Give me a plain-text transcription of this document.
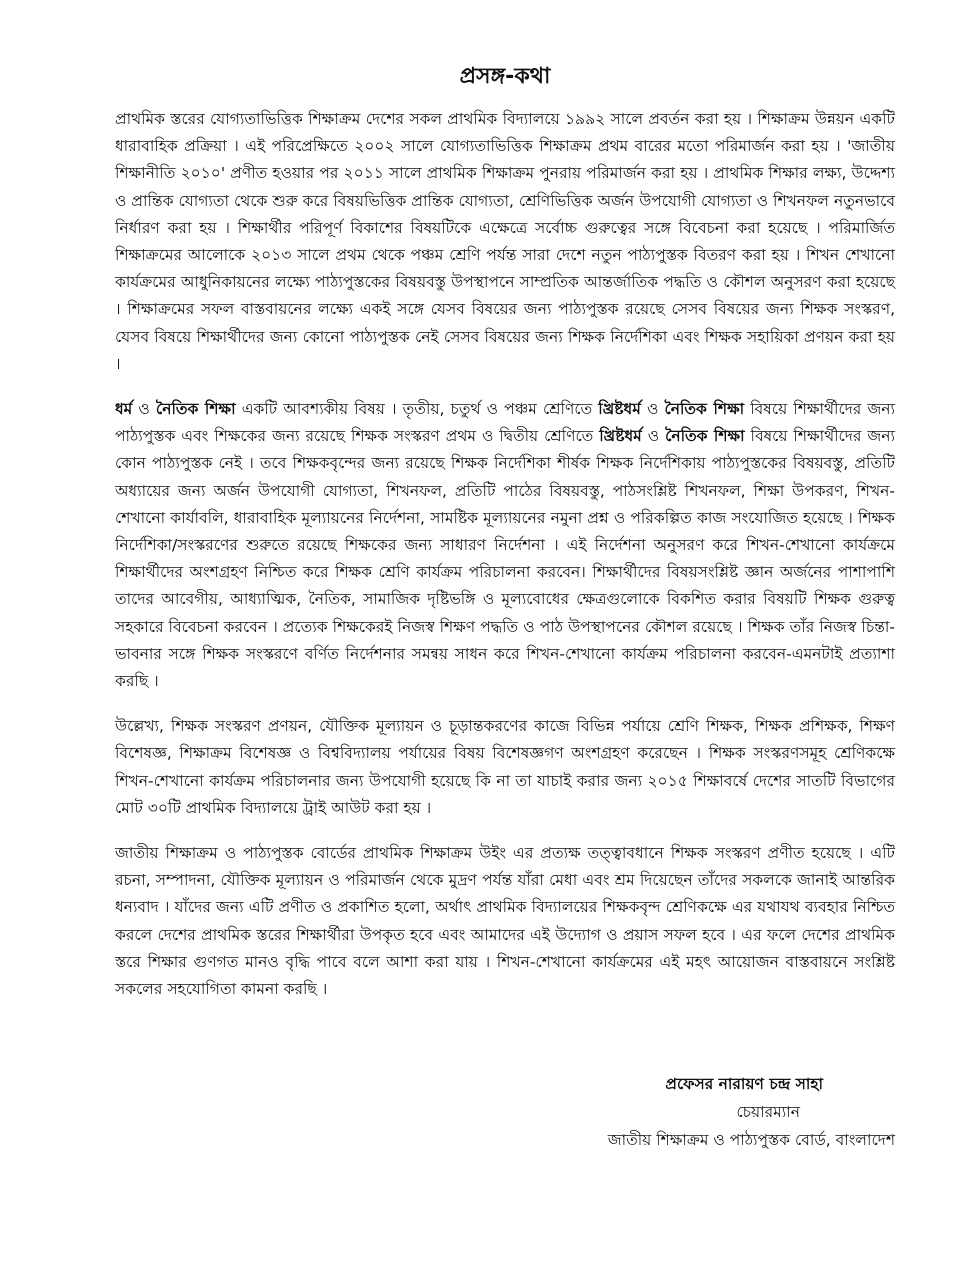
প্রসঙ্গ-কথা

প্রাথমিক স্তরের যোগ্যতাভিত্তিক শিক্ষাক্রম দেশের সকল প্রাথমিক বিদ্যালয়ে ১৯৯২ সালে প্রবর্তন করা হয় । শিক্ষাক্রম উন্নয়ন একটি ধারাবাহিক প্রক্রিয়া । এই পরিপ্রেক্ষিতে ২০০২ সালে যোগ্যতাভিত্তিক শিক্ষাক্রম প্রথম বারের মতো পরিমার্জন করা হয় । 'জাতীয় শিক্ষানীতি ২০১০' প্রণীত হওয়ার পর ২০১১ সালে প্রাথমিক শিক্ষাক্রম পুনরায় পরিমার্জন করা হয় । প্রাথমিক শিক্ষার লক্ষ্য, উদ্দেশ্য ও প্রান্তিক যোগ্যতা থেকে শুরু করে বিষয়ভিত্তিক প্রান্তিক যোগ্যতা, শ্রেণিভিত্তিক অর্জন উপযোগী যোগ্যতা ও শিখনফল নতুনভাবে নির্ধারণ করা হয় । শিক্ষার্থীর পরিপূর্ণ বিকাশের বিষয়টিকে এক্ষেত্রে সর্বোচ্চ গুরুত্বের সঙ্গে বিবেচনা করা হয়েছে । পরিমার্জিত শিক্ষাক্রমের আলোকে ২০১৩ সালে প্রথম থেকে পঞ্চম শ্রেণি পর্যন্ত সারা দেশে নতুন পাঠ্যপুস্তক বিতরণ করা হয় । শিখন শেখানো কার্যক্রমের আধুনিকায়নের লক্ষ্যে পাঠ্যপুস্তকের বিষয়বস্তু উপস্থাপনে সাম্প্রতিক আন্তর্জাতিক পদ্ধতি ও কৌশল অনুসরণ করা হয়েছে । শিক্ষাক্রমের সফল বাস্তবায়নের লক্ষ্যে একই সঙ্গে যেসব বিষয়ের জন্য পাঠ্যপুস্তক রয়েছে সেসব বিষয়ের জন্য শিক্ষক সংস্করণ, যেসব বিষয়ে শিক্ষার্থীদের জন্য কোনো পাঠ্যপুস্তক নেই সেসব বিষয়ের জন্য শিক্ষক নির্দেশিকা এবং শিক্ষক সহায়িকা প্রণয়ন করা হয় ।

ধর্ম ও নৈতিক শিক্ষা একটি আবশ্যকীয় বিষয় । তৃতীয়, চতুর্থ ও পঞ্চম শ্রেণিতে খ্রিষ্টধর্ম ও নৈতিক শিক্ষা বিষয়ে শিক্ষার্থীদের জন্য পাঠ্যপুস্তক এবং শিক্ষকের জন্য রয়েছে শিক্ষক সংস্করণ প্রথম ও দ্বিতীয় শ্রেণিতে খ্রিষ্টধর্ম ও নৈতিক শিক্ষা বিষয়ে শিক্ষার্থীদের জন্য কোন পাঠ্যপুস্তক নেই । তবে শিক্ষকবৃন্দের জন্য রয়েছে শিক্ষক নির্দেশিকা শীর্ষক শিক্ষক নির্দেশিকায় পাঠ্যপুস্তকের বিষয়বস্তু, প্রতিটি অধ্যায়ের জন্য অর্জন উপযোগী যোগ্যতা, শিখনফল, প্রতিটি পাঠের বিষয়বস্তু, পাঠসংশ্লিষ্ট শিখনফল, শিক্ষা উপকরণ, শিখন-শেখানো কার্যাবলি, ধারাবাহিক মূল্যায়নের নির্দেশনা, সামষ্টিক মূল্যায়নের নমুনা প্রশ্ন ও পরিকল্পিত কাজ সংযোজিত হয়েছে । শিক্ষক নির্দেশিকা/সংস্করণের শুরুতে রয়েছে শিক্ষকের জন্য সাধারণ নির্দেশনা । এই নির্দেশনা অনুসরণ করে শিখন-শেখানো কার্যক্রমে শিক্ষার্থীদের অংশগ্রহণ নিশ্চিত করে শিক্ষক শ্রেণি কার্যক্রম পরিচালনা করবেন। শিক্ষার্থীদের বিষয়সংশ্লিষ্ট জ্ঞান অর্জনের পাশাপাশি তাদের আবেগীয়, আধ্যাত্মিক, নৈতিক, সামাজিক দৃষ্টিভঙ্গি ও মূল্যবোধের ক্ষেত্রগুলোকে বিকশিত করার বিষয়টি শিক্ষক গুরুত্ব সহকারে বিবেচনা করবেন । প্রত্যেক শিক্ষকেরই নিজস্ব শিক্ষণ পদ্ধতি ও পাঠ উপস্থাপনের কৌশল রয়েছে । শিক্ষক তাঁর নিজস্ব চিন্তা-ভাবনার সঙ্গে শিক্ষক সংস্করণে বর্ণিত নির্দেশনার সমন্বয় সাধন করে শিখন-শেখানো কার্যক্রম পরিচালনা করবেন-এমনটাই প্রত্যাশা করছি ।

উল্লেখ্য, শিক্ষক সংস্করণ প্রণয়ন, যৌক্তিক মূল্যায়ন ও চূড়ান্তকরণের কাজে বিভিন্ন পর্যায়ে শ্রেণি শিক্ষক, শিক্ষক প্রশিক্ষক, শিক্ষণ বিশেষজ্ঞ, শিক্ষাক্রম বিশেষজ্ঞ ও বিশ্ববিদ্যালয় পর্যায়ের বিষয় বিশেষজ্ঞগণ অংশগ্রহণ করেছেন । শিক্ষক সংস্করণসমূহ শ্রেণিকক্ষে শিখন-শেখানো কার্যক্রম পরিচালনার জন্য উপযোগী হয়েছে কি না তা যাচাই করার জন্য ২০১৫ শিক্ষাবর্ষে দেশের সাতটি বিভাগের মোট ৩০টি প্রাথমিক বিদ্যালয়ে ট্রাই আউট করা হয় ।

জাতীয় শিক্ষাক্রম ও পাঠ্যপুস্তক বোর্ডের প্রাথমিক শিক্ষাক্রম উইং এর প্রত্যক্ষ তত্ত্বাবধানে শিক্ষক সংস্করণ প্রণীত হয়েছে । এটি রচনা, সম্পাদনা, যৌক্তিক মূল্যায়ন ও পরিমার্জন থেকে মুদ্রণ পর্যন্ত যাঁরা মেধা এবং শ্রম দিয়েছেন তাঁদের সকলকে জানাই আন্তরিক ধন্যবাদ । যাঁদের জন্য এটি প্রণীত ও প্রকাশিত হলো, অর্থাৎ প্রাথমিক বিদ্যালয়ের শিক্ষকবৃন্দ শ্রেণিকক্ষে এর যথাযথ ব্যবহার নিশ্চিত করলে দেশের প্রাথমিক স্তরের শিক্ষার্থীরা উপকৃত হবে এবং আমাদের এই উদ্যোগ ও প্রয়াস সফল হবে । এর ফলে দেশের প্রাথমিক স্তরে শিক্ষার গুণগত মানও বৃদ্ধি পাবে বলে আশা করা যায় । শিখন-শেখানো কার্যক্রমের এই মহৎ আয়োজন বাস্তবায়নে সংশ্লিষ্ট সকলের সহযোগিতা কামনা করছি ।

প্রফেসর নারায়ণ চন্দ্র সাহা
চেয়ারম্যান
জাতীয় শিক্ষাক্রম ও পাঠ্যপুস্তক বোর্ড, বাংলাদেশ
